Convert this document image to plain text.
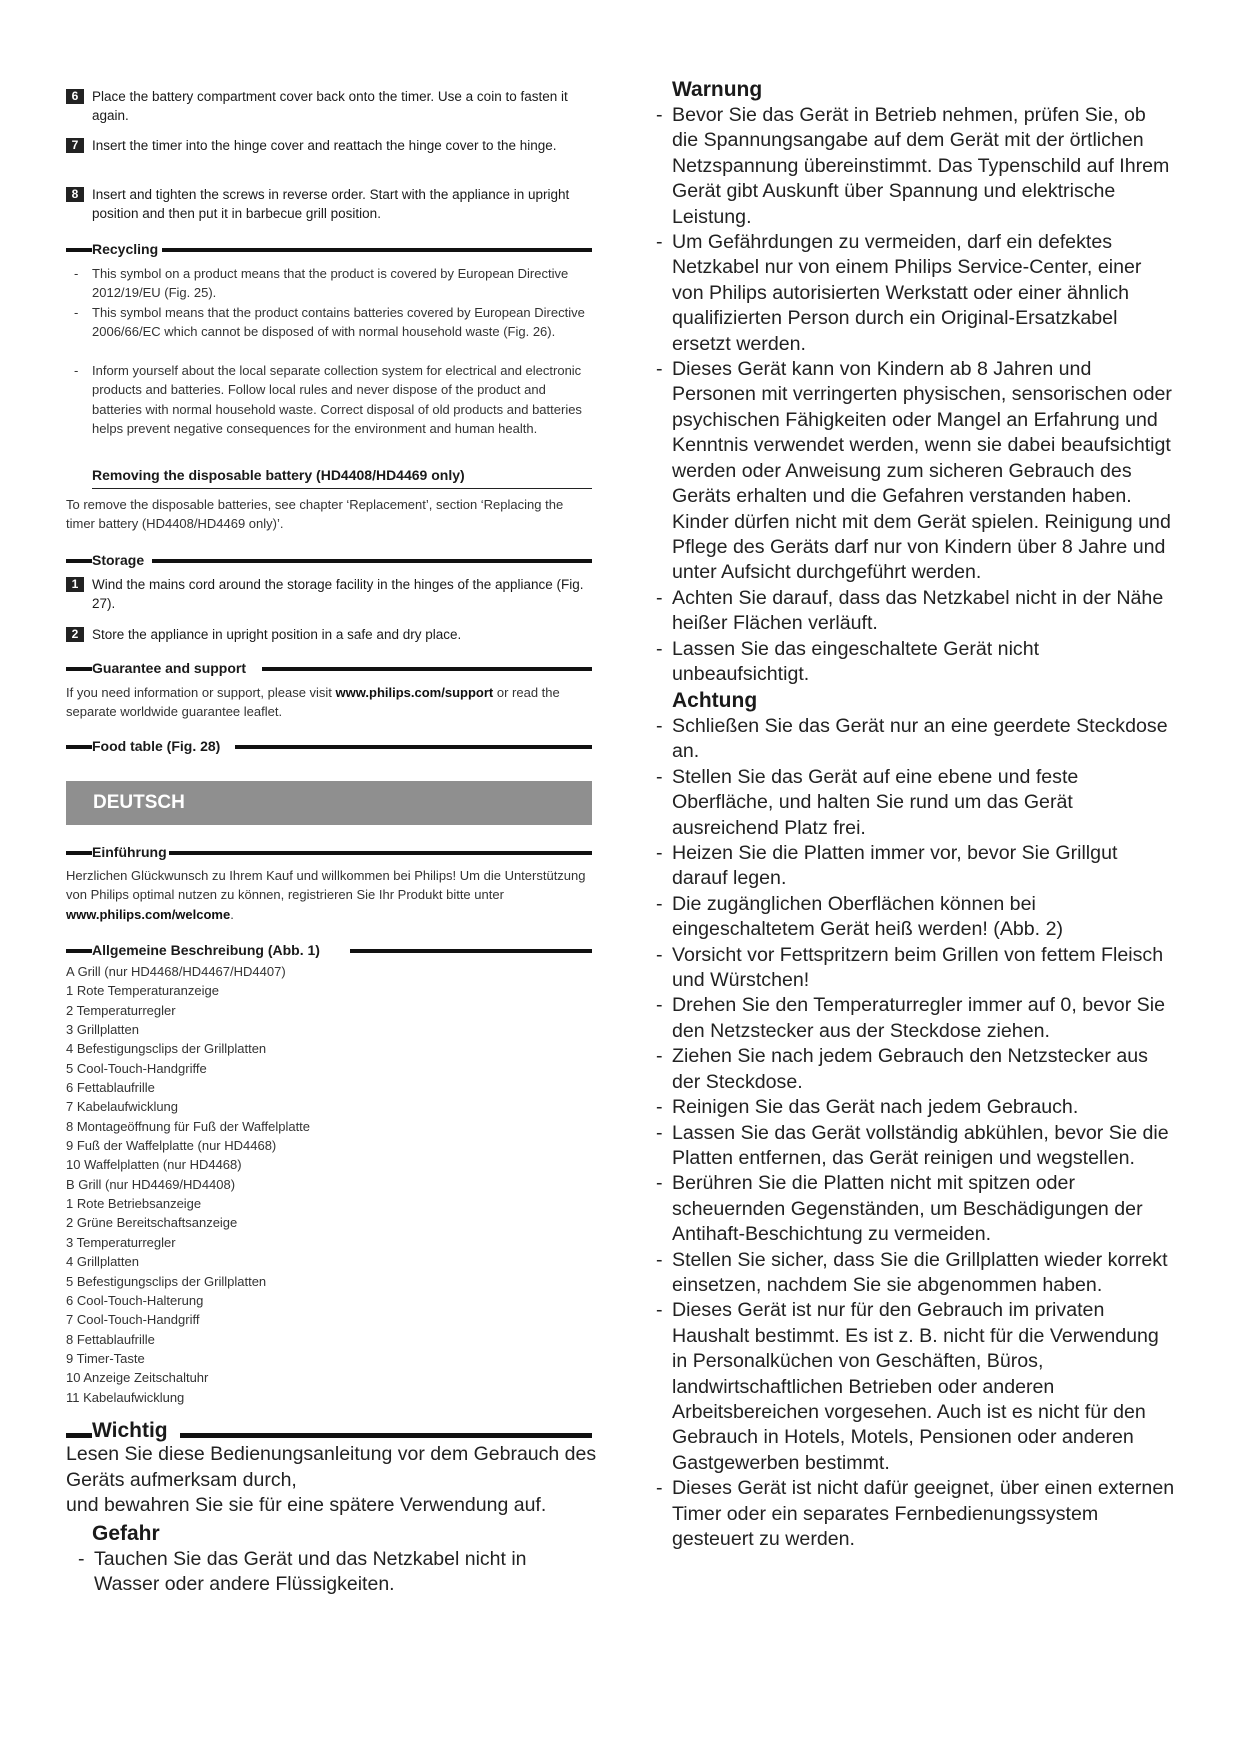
6	Place the battery compartment cover back onto the timer. Use a coin to fasten it again.
7	Insert the timer into the hinge cover and reattach the hinge cover to the hinge.
8	Insert and tighten the screws in reverse order. Start with the appliance in upright position and then put it in barbecue grill position.
Recycling
- This symbol on a product means that the product is covered by European Directive 2012/19/EU (Fig. 25).
- This symbol means that the product contains batteries covered by European Directive 2006/66/EC which cannot be disposed of with normal household waste (Fig. 26).
- Inform yourself about the local separate collection system for electrical and electronic products and batteries. Follow local rules and never dispose of the product and batteries with normal household waste. Correct disposal of old products and batteries helps prevent negative consequences for the environment and human health.
Removing the disposable battery (HD4408/HD4469 only)
To remove the disposable batteries, see chapter ‘Replacement’, section ‘Replacing the timer battery (HD4408/HD4469 only)’.
Storage
1	Wind the mains cord around the storage facility in the hinges of the appliance (Fig. 27).
2	Store the appliance in upright position in a safe and dry place.
Guarantee and support
If you need information or support, please visit www.philips.com/support or read the separate worldwide guarantee leaflet.
Food table (Fig. 28)
DEUTSCH
Einführung
Herzlichen Glückwunsch zu Ihrem Kauf und willkommen bei Philips! Um die Unterstützung von Philips optimal nutzen zu können, registrieren Sie Ihr Produkt bitte unter www.philips.com/welcome.
Allgemeine Beschreibung (Abb. 1)
A Grill (nur HD4468/HD4467/HD4407)
1 Rote Temperaturanzeige
2 Temperaturregler
3 Grillplatten
4 Befestigungsclips der Grillplatten
5 Cool-Touch-Handgriffe
6 Fettablaufrille
7 Kabelaufwicklung
8 Montageöffnung für Fuß der Waffelplatte
9 Fuß der Waffelplatte (nur HD4468)
10 Waffelplatten (nur HD4468)
B Grill (nur HD4469/HD4408)
1 Rote Betriebsanzeige
2 Grüne Bereitschaftsanzeige
3 Temperaturregler
4 Grillplatten
5 Befestigungsclips der Grillplatten
6 Cool-Touch-Halterung
7 Cool-Touch-Handgriff
8 Fettablaufrille
9 Timer-Taste
10 Anzeige Zeitschaltuhr
11 Kabelaufwicklung
Wichtig
Lesen Sie diese Bedienungsanleitung vor dem Gebrauch des Geräts aufmerksam durch,
und bewahren Sie sie für eine spätere Verwendung auf.
Gefahr
- Tauchen Sie das Gerät und das Netzkabel nicht in Wasser oder andere Flüssigkeiten.
Warnung
- Bevor Sie das Gerät in Betrieb nehmen, prüfen Sie, ob die Spannungsangabe auf dem Gerät mit der örtlichen Netzspannung übereinstimmt. Das Typenschild auf Ihrem Gerät gibt Auskunft über Spannung und elektrische Leistung.
- Um Gefährdungen zu vermeiden, darf ein defektes Netzkabel nur von einem Philips Service-Center, einer von Philips autorisierten Werkstatt oder einer ähnlich qualifizierten Person durch ein Original-Ersatzkabel ersetzt werden.
- Dieses Gerät kann von Kindern ab 8 Jahren und Personen mit verringerten physischen, sensorischen oder psychischen Fähigkeiten oder Mangel an Erfahrung und Kenntnis verwendet werden, wenn sie dabei beaufsichtigt werden oder Anweisung zum sicheren Gebrauch des Geräts erhalten und die Gefahren verstanden haben. Kinder dürfen nicht mit dem Gerät spielen. Reinigung und Pflege des Geräts darf nur von Kindern über 8 Jahre und unter Aufsicht durchgeführt werden.
- Achten Sie darauf, dass das Netzkabel nicht in der Nähe heißer Flächen verläuft.
- Lassen Sie das eingeschaltete Gerät nicht unbeaufsichtigt.
Achtung
- Schließen Sie das Gerät nur an eine geerdete Steckdose an.
- Stellen Sie das Gerät auf eine ebene und feste Oberfläche, und halten Sie rund um das Gerät ausreichend Platz frei.
- Heizen Sie die Platten immer vor, bevor Sie Grillgut darauf legen.
- Die zugänglichen Oberflächen können bei eingeschaltetem Gerät heiß werden! (Abb. 2)
- Vorsicht vor Fettspritzern beim Grillen von fettem Fleisch und Würstchen!
- Drehen Sie den Temperaturregler immer auf 0, bevor Sie den Netzstecker aus der Steckdose ziehen.
- Ziehen Sie nach jedem Gebrauch den Netzstecker aus der Steckdose.
- Reinigen Sie das Gerät nach jedem Gebrauch.
- Lassen Sie das Gerät vollständig abkühlen, bevor Sie die Platten entfernen, das Gerät reinigen und wegstellen.
- Berühren Sie die Platten nicht mit spitzen oder scheuernden Gegenständen, um Beschädigungen der Antihaft-Beschichtung zu vermeiden.
- Stellen Sie sicher, dass Sie die Grillplatten wieder korrekt einsetzen, nachdem Sie sie abgenommen haben.
- Dieses Gerät ist nur für den Gebrauch im privaten Haushalt bestimmt. Es ist z. B. nicht für die Verwendung in Personalküchen von Geschäften, Büros, landwirtschaftlichen Betrieben oder anderen Arbeitsbereichen vorgesehen. Auch ist es nicht für den Gebrauch in Hotels, Motels, Pensionen oder anderen Gastgewerben bestimmt.
- Dieses Gerät ist nicht dafür geeignet, über einen externen Timer oder ein separates Fernbedienungssystem gesteuert zu werden.
